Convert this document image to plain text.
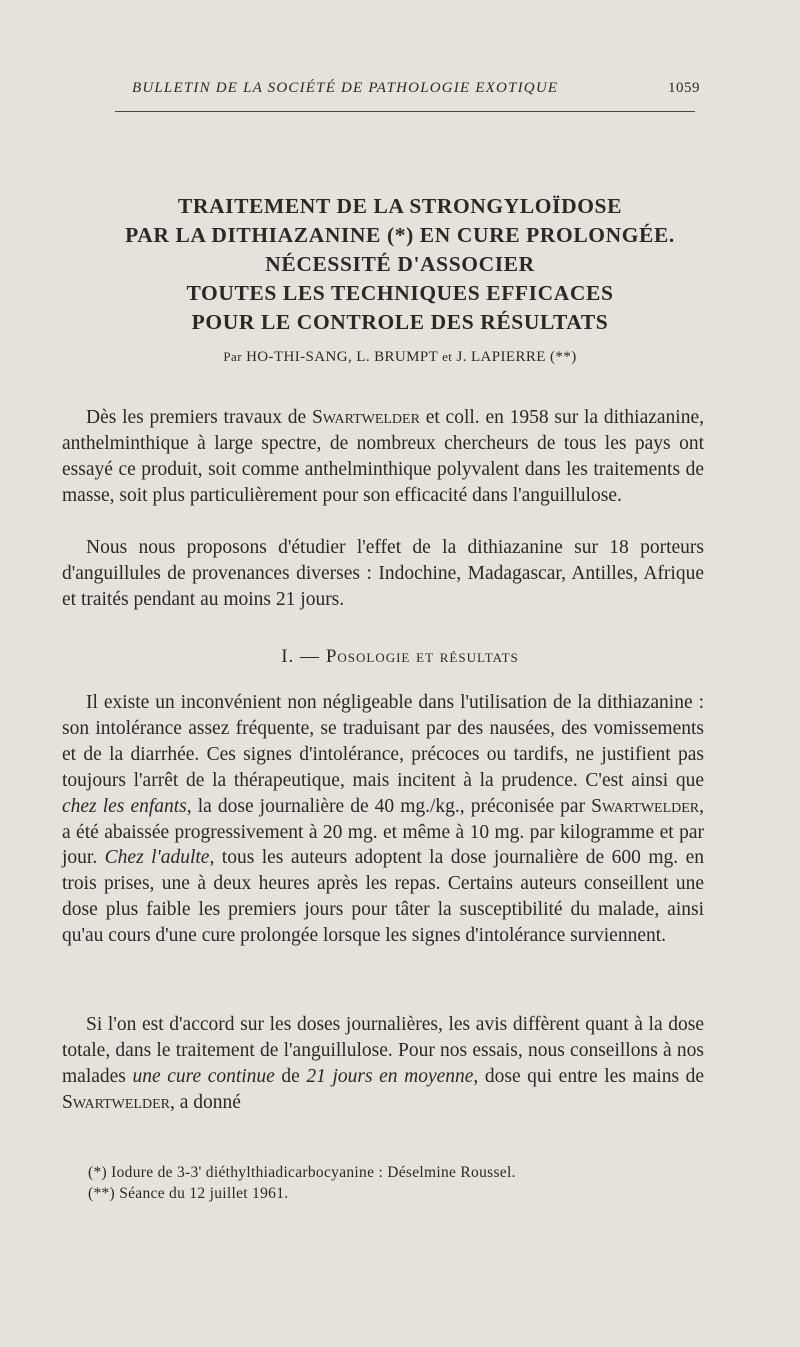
BULLETIN DE LA SOCIÉTÉ DE PATHOLOGIE EXOTIQUE	1059
TRAITEMENT DE LA STRONGYLOÏDOSE
PAR LA DITHIAZANINE (*) EN CURE PROLONGÉE.
NÉCESSITÉ D'ASSOCIER
TOUTES LES TECHNIQUES EFFICACES
POUR LE CONTROLE DES RÉSULTATS
Par HO-THI-SANG, L. BRUMPT et J. LAPIERRE (**)

Dès les premiers travaux de Swartwelder et coll. en 1958 sur la dithiazanine, anthelminthique à large spectre, de nombreux chercheurs de tous les pays ont essayé ce produit, soit comme anthelminthique polyvalent dans les traitements de masse, soit plus particulièrement pour son efficacité dans l'anguillulose.

Nous nous proposons d'étudier l'effet de la dithiazanine sur 18 porteurs d'anguillules de provenances diverses : Indochine, Madagascar, Antilles, Afrique et traités pendant au moins 21 jours.

I. — Posologie et résultats

Il existe un inconvénient non négligeable dans l'utilisation de la dithiazanine : son intolérance assez fréquente, se traduisant par des nausées, des vomissements et de la diarrhée. Ces signes d'intolérance, précoces ou tardifs, ne justifient pas toujours l'arrêt de la thérapeutique, mais incitent à la prudence. C'est ainsi que chez les enfants, la dose journalière de 40 mg./kg., préconisée par Swartwelder, a été abaissée progressivement à 20 mg. et même à 10 mg. par kilogramme et par jour. Chez l'adulte, tous les auteurs adoptent la dose journalière de 600 mg. en trois prises, une à deux heures après les repas. Certains auteurs conseillent une dose plus faible les premiers jours pour tâter la susceptibilité du malade, ainsi qu'au cours d'une cure prolongée lorsque les signes d'intolérance surviennent.

Si l'on est d'accord sur les doses journalières, les avis diffèrent quant à la dose totale, dans le traitement de l'anguillulose. Pour nos essais, nous conseillons à nos malades une cure continue de 21 jours en moyenne, dose qui entre les mains de Swartwelder, a donné

(*) Iodure de 3-3' diéthylthiadicarbocyanine : Déselmine Roussel.
(**) Séance du 12 juillet 1961.
